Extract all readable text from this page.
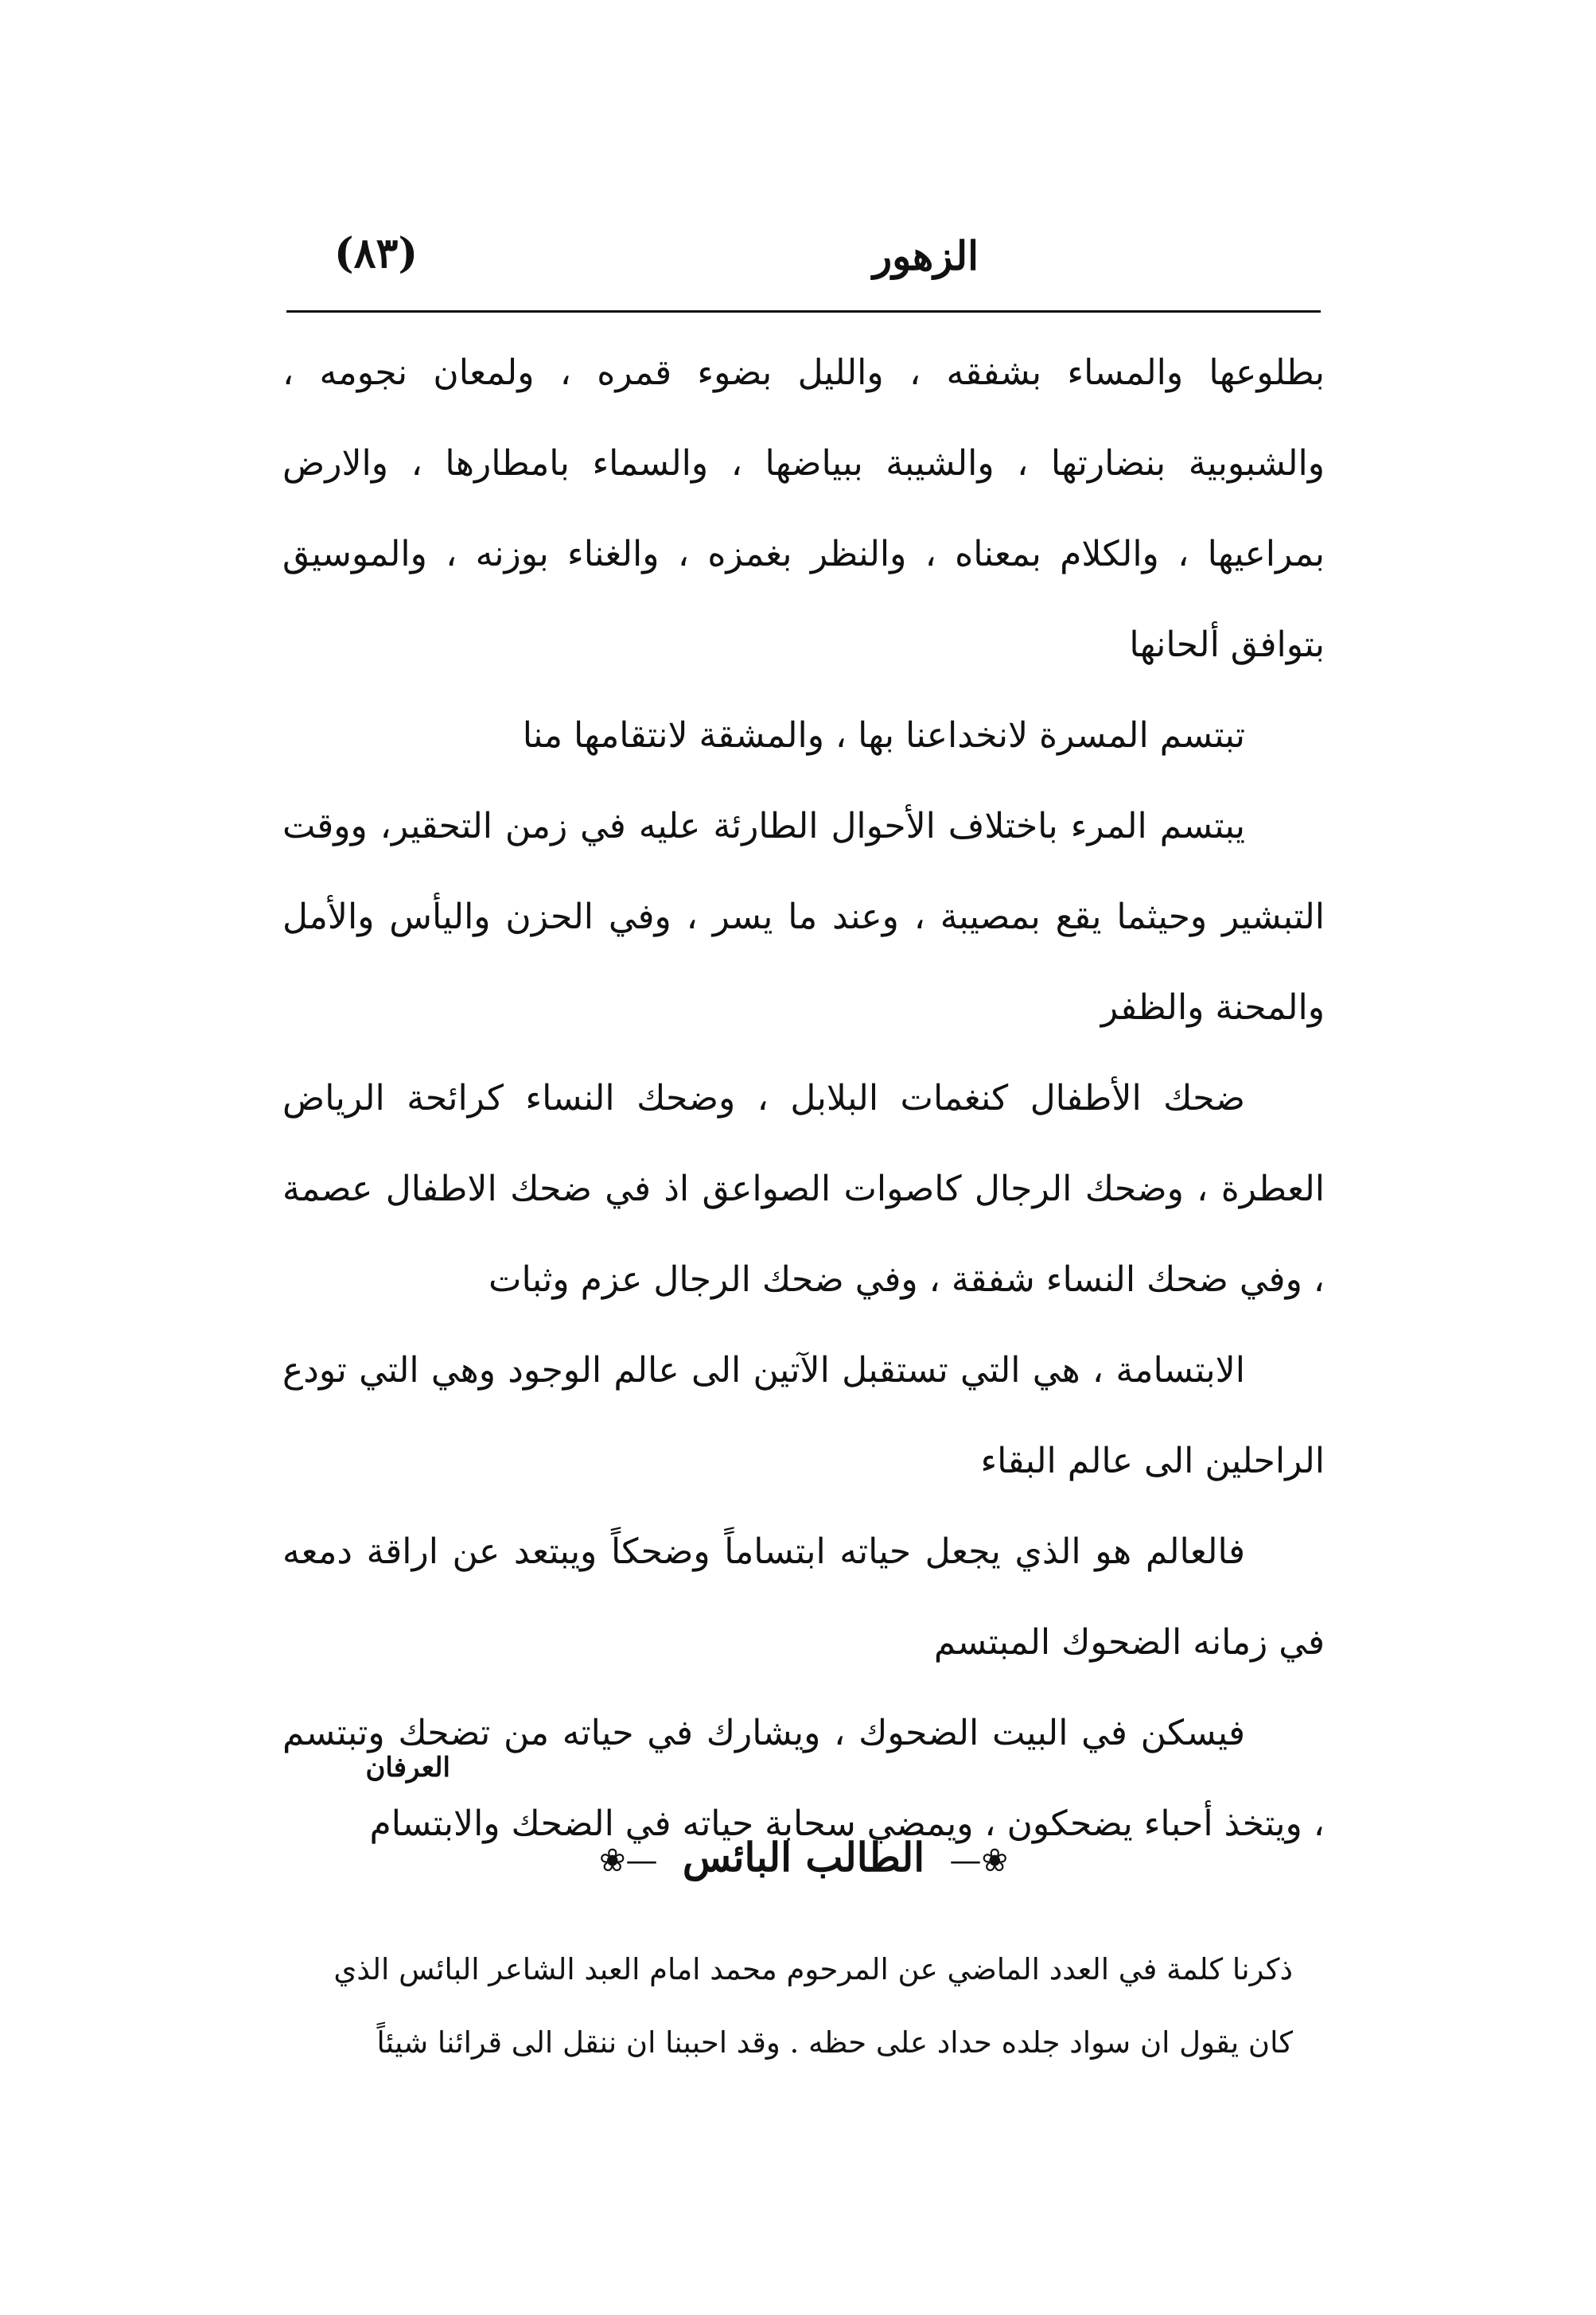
الزهور
(٨٣)

بطلوعها والمساء بشفقه ، والليل بضوء قمره ، ولمعان نجومه ، والشبوبية بنضارتها ، والشيبة ببياضها ، والسماء بامطارها ، والارض بمراعيها ، والكلام بمعناه ، والنظر بغمزه ، والغناء بوزنه ، والموسيق بتوافق ألحانها

تبتسم المسرة لانخداعنا بها ، والمشقة لانتقامها منا

يبتسم المرء باختلاف الأحوال الطارئة عليه في زمن التحقير، ووقت التبشير وحيثما يقع بمصيبة ، وعند ما يسر ، وفي الحزن واليأس والأمل والمحنة والظفر

ضحك الأطفال كنغمات البلابل ، وضحك النساء كرائحة الرياض العطرة ، وضحك الرجال كاصوات الصواعق اذ في ضحك الاطفال عصمة ، وفي ضحك النساء شفقة ، وفي ضحك الرجال عزم وثبات

الابتسامة ، هي التي تستقبل الآتين الى عالم الوجود وهي التي تودع الراحلين الى عالم البقاء

فالعالم هو الذي يجعل حياته ابتساماً وضحكاً ويبتعد عن اراقة دمعه في زمانه الضحوك المبتسم

فيسكن في البيت الضحوك ، ويشارك في حياته من تضحك وتبتسم ، ويتخذ أحباء يضحكون ، ويمضي سحابة حياته في الضحك والابتسام

العرفان
❀— الطالب البائس —❀

ذكرنا كلمة في العدد الماضي عن المرحوم محمد امام العبد الشاعر البائس الذي

كان يقول ان سواد جلده حداد على حظه . وقد احببنا ان ننقل الى قرائنا شيئاً
